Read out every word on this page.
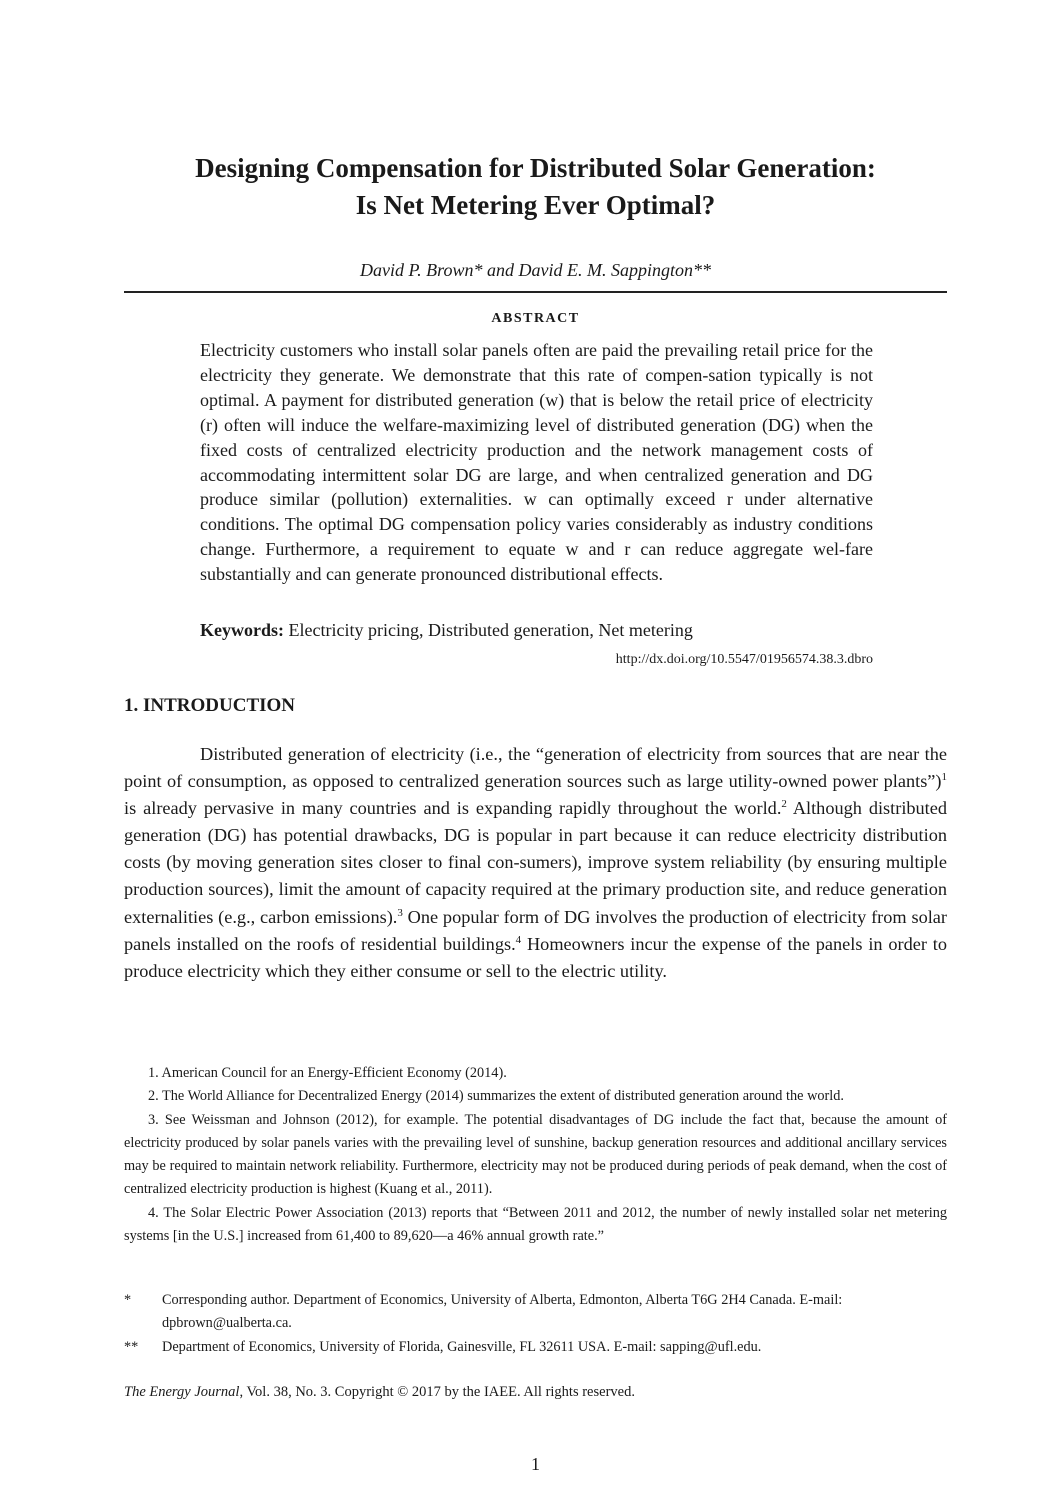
Designing Compensation for Distributed Solar Generation:
Is Net Metering Ever Optimal?
David P. Brown* and David E. M. Sappington**
ABSTRACT

Electricity customers who install solar panels often are paid the prevailing retail price for the electricity they generate. We demonstrate that this rate of compen-sation typically is not optimal. A payment for distributed generation (w) that is below the retail price of electricity (r) often will induce the welfare-maximizing level of distributed generation (DG) when the fixed costs of centralized electricity production and the network management costs of accommodating intermittent solar DG are large, and when centralized generation and DG produce similar (pollution) externalities. w can optimally exceed r under alternative conditions. The optimal DG compensation policy varies considerably as industry conditions change. Furthermore, a requirement to equate w and r can reduce aggregate wel-fare substantially and can generate pronounced distributional effects.

Keywords: Electricity pricing, Distributed generation, Net metering
http://dx.doi.org/10.5547/01956574.38.3.dbro
1. INTRODUCTION

Distributed generation of electricity (i.e., the “generation of electricity from sources that are near the point of consumption, as opposed to centralized generation sources such as large utility-owned power plants”)$^1$ is already pervasive in many countries and is expanding rapidly throughout the world.$^2$ Although distributed generation (DG) has potential drawbacks, DG is popular in part because it can reduce electricity distribution costs (by moving generation sites closer to final con-sumers), improve system reliability (by ensuring multiple production sources), limit the amount of capacity required at the primary production site, and reduce generation externalities (e.g., carbon emissions).$^3$ One popular form of DG involves the production of electricity from solar panels installed on the roofs of residential buildings.$^4$ Homeowners incur the expense of the panels in order to produce electricity which they either consume or sell to the electric utility.

1. American Council for an Energy-Efficient Economy (2014).

2. The World Alliance for Decentralized Energy (2014) summarizes the extent of distributed generation around the world.

3. See Weissman and Johnson (2012), for example. The potential disadvantages of DG include the fact that, because the amount of electricity produced by solar panels varies with the prevailing level of sunshine, backup generation resources and additional ancillary services may be required to maintain network reliability. Furthermore, electricity may not be produced during periods of peak demand, when the cost of centralized electricity production is highest (Kuang et al., 2011).

4. The Solar Electric Power Association (2013) reports that “Between 2011 and 2012, the number of newly installed solar net metering systems [in the U.S.] increased from 61,400 to 89,620—a 46% annual growth rate.”

*	Corresponding author. Department of Economics, University of Alberta, Edmonton, Alberta T6G 2H4 Canada. E-mail: dpbrown@ualberta.ca.
**	Department of Economics, University of Florida, Gainesville, FL 32611 USA. E-mail: sapping@ufl.edu.
The Energy Journal, Vol. 38, No. 3. Copyright © 2017 by the IAEE. All rights reserved.
1
